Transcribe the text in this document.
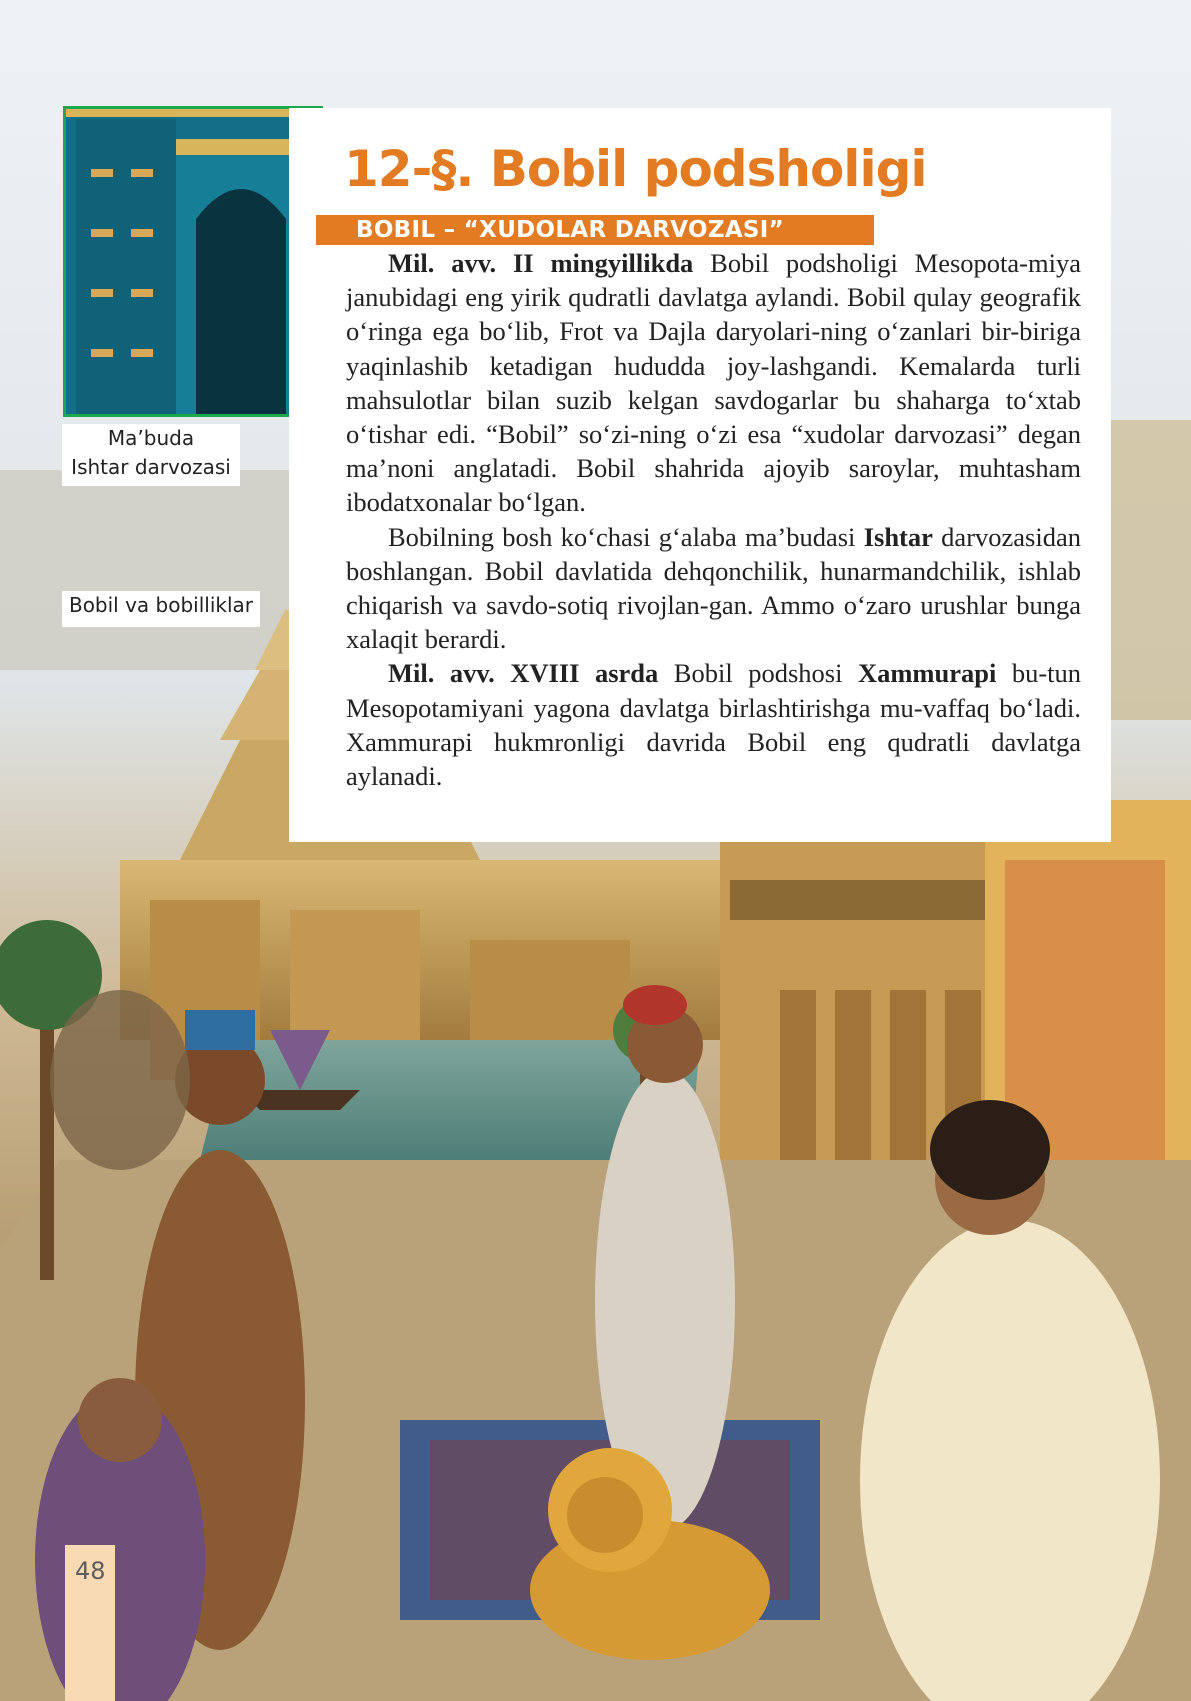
Ma’buda
Ishtar darvozasi
Bobil va bobilliklar
12-§. Bobil podsholigi
BOBIL – “XUDOLAR DARVOZASI”

Mil. avv. II mingyillikda Bobil podsholigi Mesopota-miya janubidagi eng yirik qudratli davlatga aylandi. Bobil qulay geografik o‘ringa ega bo‘lib, Frot va Dajla daryolari-ning o‘zanlari bir-biriga yaqinlashib ketadigan hududda joy-lashgandi. Kemalarda turli mahsulotlar bilan suzib kelgan savdogarlar bu shaharga to‘xtab o‘tishar edi. “Bobil” so‘zi-ning o‘zi esa “xudolar darvozasi” degan ma’noni anglatadi. Bobil shahrida ajoyib saroylar, muhtasham ibodatxonalar bo‘lgan.

Bobilning bosh ko‘chasi g‘alaba ma’budasi Ishtar darvozasidan boshlangan. Bobil davlatida dehqonchilik, hunarmandchilik, ishlab chiqarish va savdo-sotiq rivojlan-gan. Ammo o‘zaro urushlar bunga xalaqit berardi.

Mil. avv. XVIII asrda Bobil podshosi Xammurapi bu-tun Mesopotamiyani yagona davlatga birlashtirishga mu-vaffaq bo‘ladi. Xammurapi hukmronligi davrida Bobil eng qudratli davlatga aylanadi.

48
